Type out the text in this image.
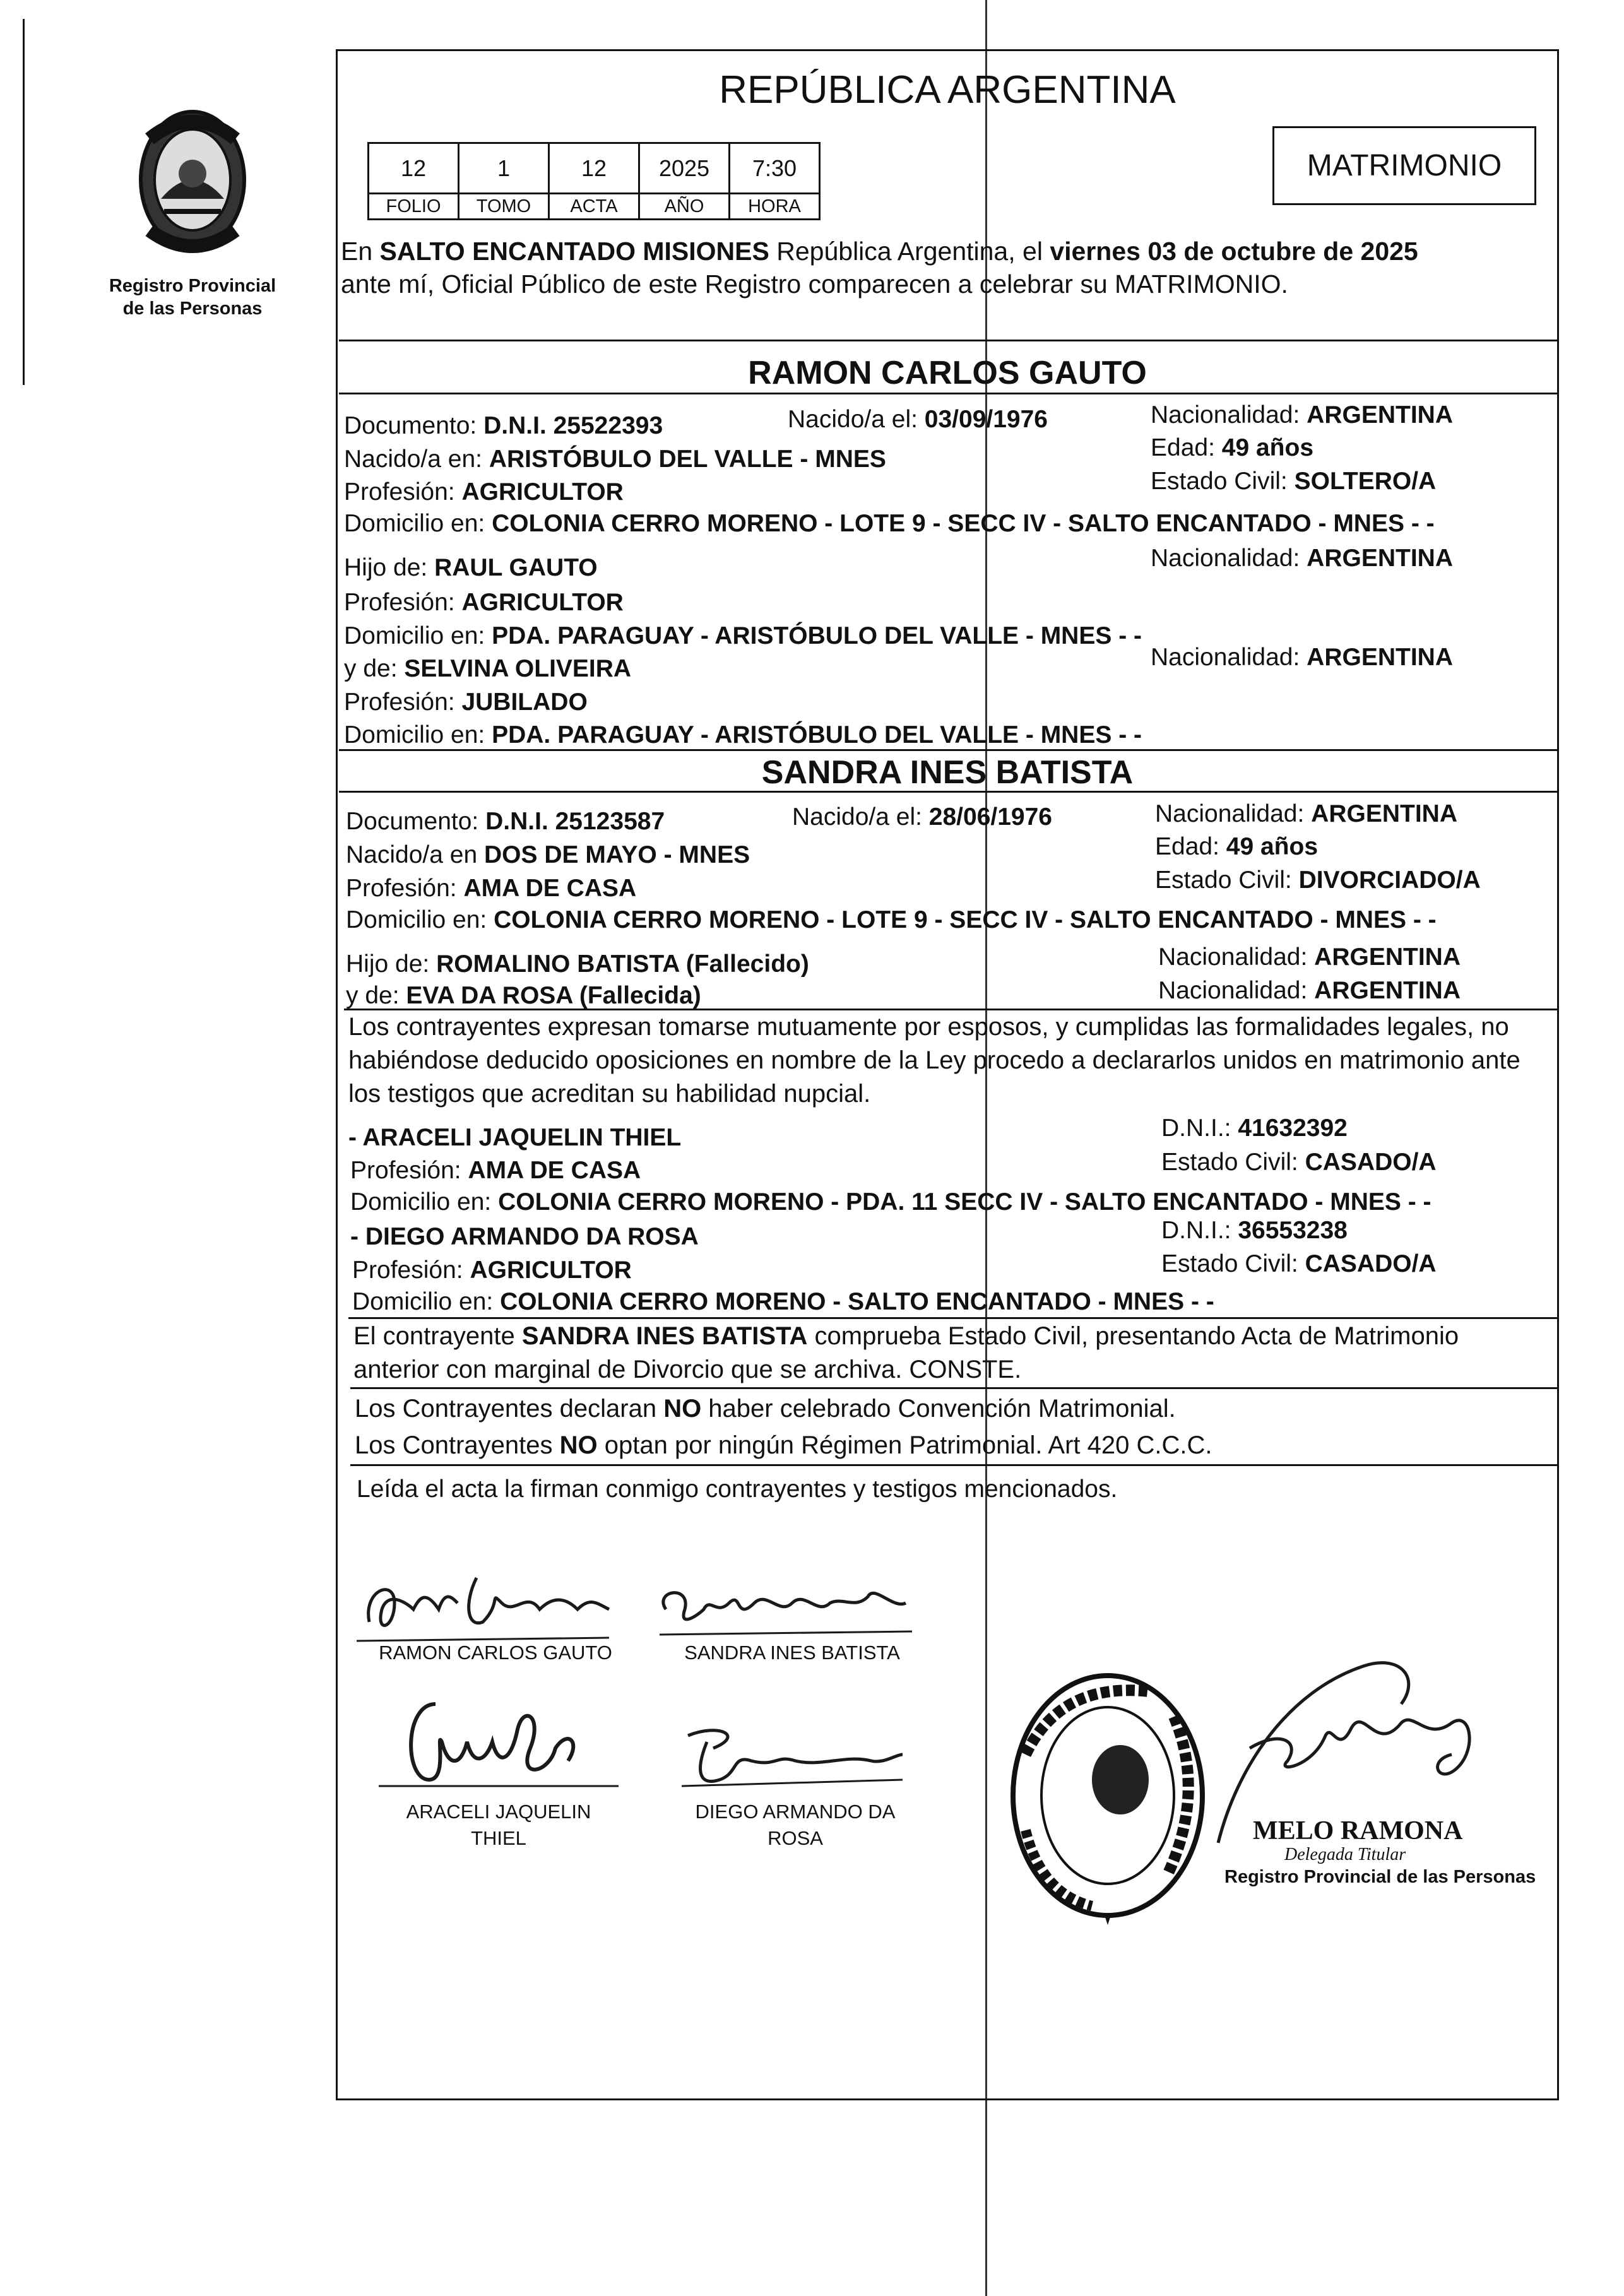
Registro Provincial
de las Personas
REPÚBLICA ARGENTINA
MATRIMONIO
12	1	12	2025	7:30
FOLIO	TOMO	ACTA	AÑO	HORA
En SALTO ENCANTADO MISIONES República Argentina, el viernes 03 de octubre de 2025
ante mí, Oficial Público de este Registro comparecen a celebrar su MATRIMONIO.
RAMON CARLOS GAUTO
Documento: D.N.I. 25522393	Nacido/a el: 03/09/1976	Nacionalidad: ARGENTINA
Nacido/a en: ARISTÓBULO DEL VALLE - MNES	Edad: 49 años
Profesión: AGRICULTOR	Estado Civil: SOLTERO/A
Domicilio en: COLONIA CERRO MORENO - LOTE 9 - SECC IV - SALTO ENCANTADO - MNES - -
Hijo de: RAUL GAUTO	Nacionalidad: ARGENTINA
Profesión: AGRICULTOR
Domicilio en: PDA. PARAGUAY - ARISTÓBULO DEL VALLE - MNES - -
y de: SELVINA OLIVEIRA	Nacionalidad: ARGENTINA
Profesión: JUBILADO
Domicilio en: PDA. PARAGUAY - ARISTÓBULO DEL VALLE - MNES - -
SANDRA INES BATISTA
Documento: D.N.I. 25123587	Nacido/a el: 28/06/1976	Nacionalidad: ARGENTINA
Nacido/a en DOS DE MAYO - MNES	Edad: 49 años
Profesión: AMA DE CASA	Estado Civil: DIVORCIADO/A
Domicilio en: COLONIA CERRO MORENO - LOTE 9 - SECC IV - SALTO ENCANTADO - MNES - -
Hijo de: ROMALINO BATISTA (Fallecido)	Nacionalidad: ARGENTINA
y de: EVA DA ROSA (Fallecida)	Nacionalidad: ARGENTINA
Los contrayentes expresan tomarse mutuamente por esposos, y cumplidas las formalidades legales, no
habiéndose deducido oposiciones en nombre de la Ley procedo a declararlos unidos en matrimonio ante
los testigos que acreditan su habilidad nupcial.
- ARACELI JAQUELIN THIEL	D.N.I.: 41632392
Profesión: AMA DE CASA	Estado Civil: CASADO/A
Domicilio en: COLONIA CERRO MORENO - PDA. 11 SECC IV - SALTO ENCANTADO - MNES - -
- DIEGO ARMANDO DA ROSA	D.N.I.: 36553238
Profesión: AGRICULTOR	Estado Civil: CASADO/A
Domicilio en: COLONIA CERRO MORENO - SALTO ENCANTADO - MNES - -
El contrayente SANDRA INES BATISTA comprueba Estado Civil, presentando Acta de Matrimonio
anterior con marginal de Divorcio que se archiva. CONSTE.
Los Contrayentes declaran NO haber celebrado Convención Matrimonial.
Los Contrayentes NO optan por ningún Régimen Patrimonial. Art 420 C.C.C.
Leída el acta la firman conmigo contrayentes y testigos mencionados.
RAMON CARLOS GAUTO	SANDRA INES BATISTA
ARACELI JAQUELIN
THIEL
DIEGO ARMANDO DA
ROSA	MELO RAMONA
Delegada Titular
Registro Provincial de las Personas
